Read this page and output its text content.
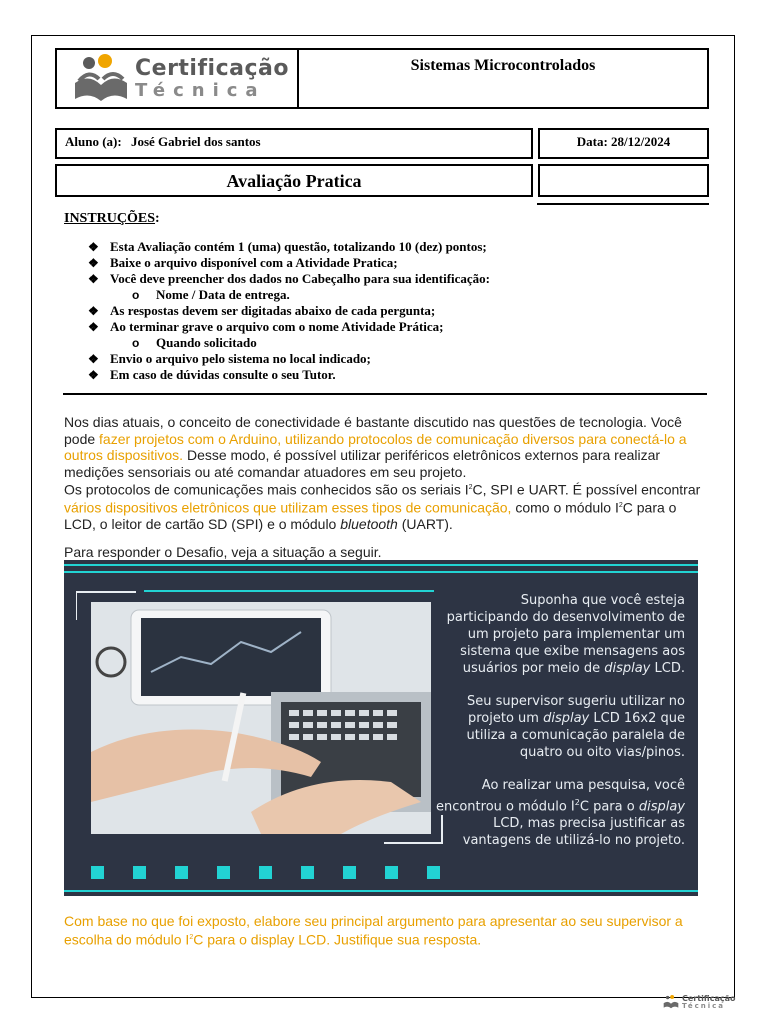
Certificação
Técnica
Sistemas Microcontrolados
Aluno (a): José Gabriel dos santos	Data: 28/12/2024
Avaliação Pratica
INSTRUÇÕES:
❖ Esta Avaliação contém 1 (uma) questão, totalizando 10 (dez) pontos;
❖ Baixe o arquivo disponível com a Atividade Pratica;
❖ Você deve preencher dos dados no Cabeçalho para sua identificação:
o	Nome / Data de entrega.
❖ As respostas devem ser digitadas abaixo de cada pergunta;
❖ Ao terminar grave o arquivo com o nome Atividade Prática;
o	Quando solicitado
❖ Envio o arquivo pelo sistema no local indicado;
❖ Em caso de dúvidas consulte o seu Tutor.
Nos dias atuais, o conceito de conectividade é bastante discutido nas questões de tecnologia. Você pode fazer projetos com o Arduino, utilizando protocolos de comunicação diversos para conectá-lo a outros dispositivos. Desse modo, é possível utilizar periféricos eletrônicos externos para realizar medições sensoriais ou até comandar atuadores em seu projeto.
Os protocolos de comunicações mais conhecidos são os seriais $I^2C$, SPI e UART. É possível encontrar vários dispositivos eletrônicos que utilizam esses tipos de comunicação, como o módulo $I^2C$ para o LCD, o leitor de cartão SD (SPI) e o módulo bluetooth (UART).
Para responder o Desafio, veja a situação a seguir.

Suponha que você esteja participando do desenvolvimento de um projeto para implementar um sistema que exibe mensagens aos usuários por meio de display LCD.

Seu supervisor sugeriu utilizar no projeto um display LCD 16x2 que utiliza a comunicação paralela de quatro ou oito vias/pinos.

Ao realizar uma pesquisa, você encontrou o módulo $I^2C$ para o display LCD, mas precisa justificar as vantagens de utilizá-lo no projeto.

Com base no que foi exposto, elabore seu principal argumento para apresentar ao seu supervisor a escolha do módulo $I^2C$ para o display LCD. Justifique sua resposta.
Certificação
Técnica
